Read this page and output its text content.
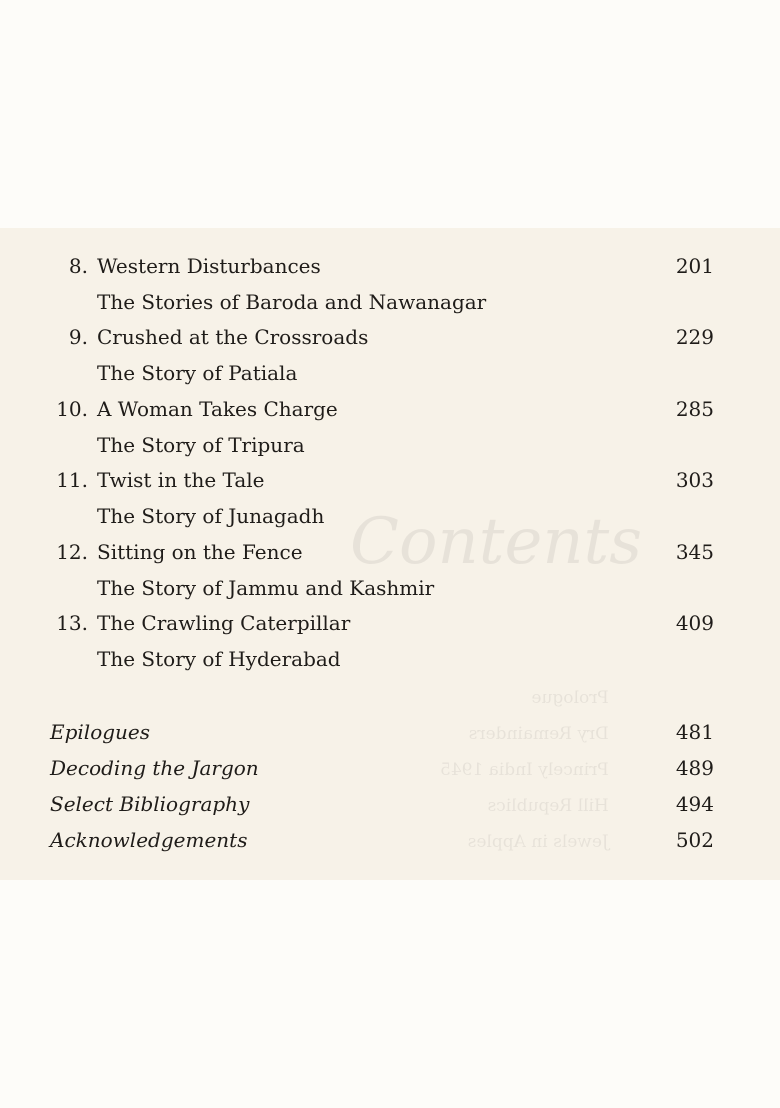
8. Western Disturbances	201
The Stories of Baroda and Nawanagar
9. Crushed at the Crossroads	229
The Story of Patiala
10. A Woman Takes Charge	285
The Story of Tripura
11. Twist in the Tale	303
The Story of Junagadh
12. Sitting on the Fence	345
The Story of Jammu and Kashmir
13. The Crawling Caterpillar	409
The Story of Hyderabad
Epilogues	481
Decoding the Jargon	489
Select Bibliography	494
Acknowledgements	502
